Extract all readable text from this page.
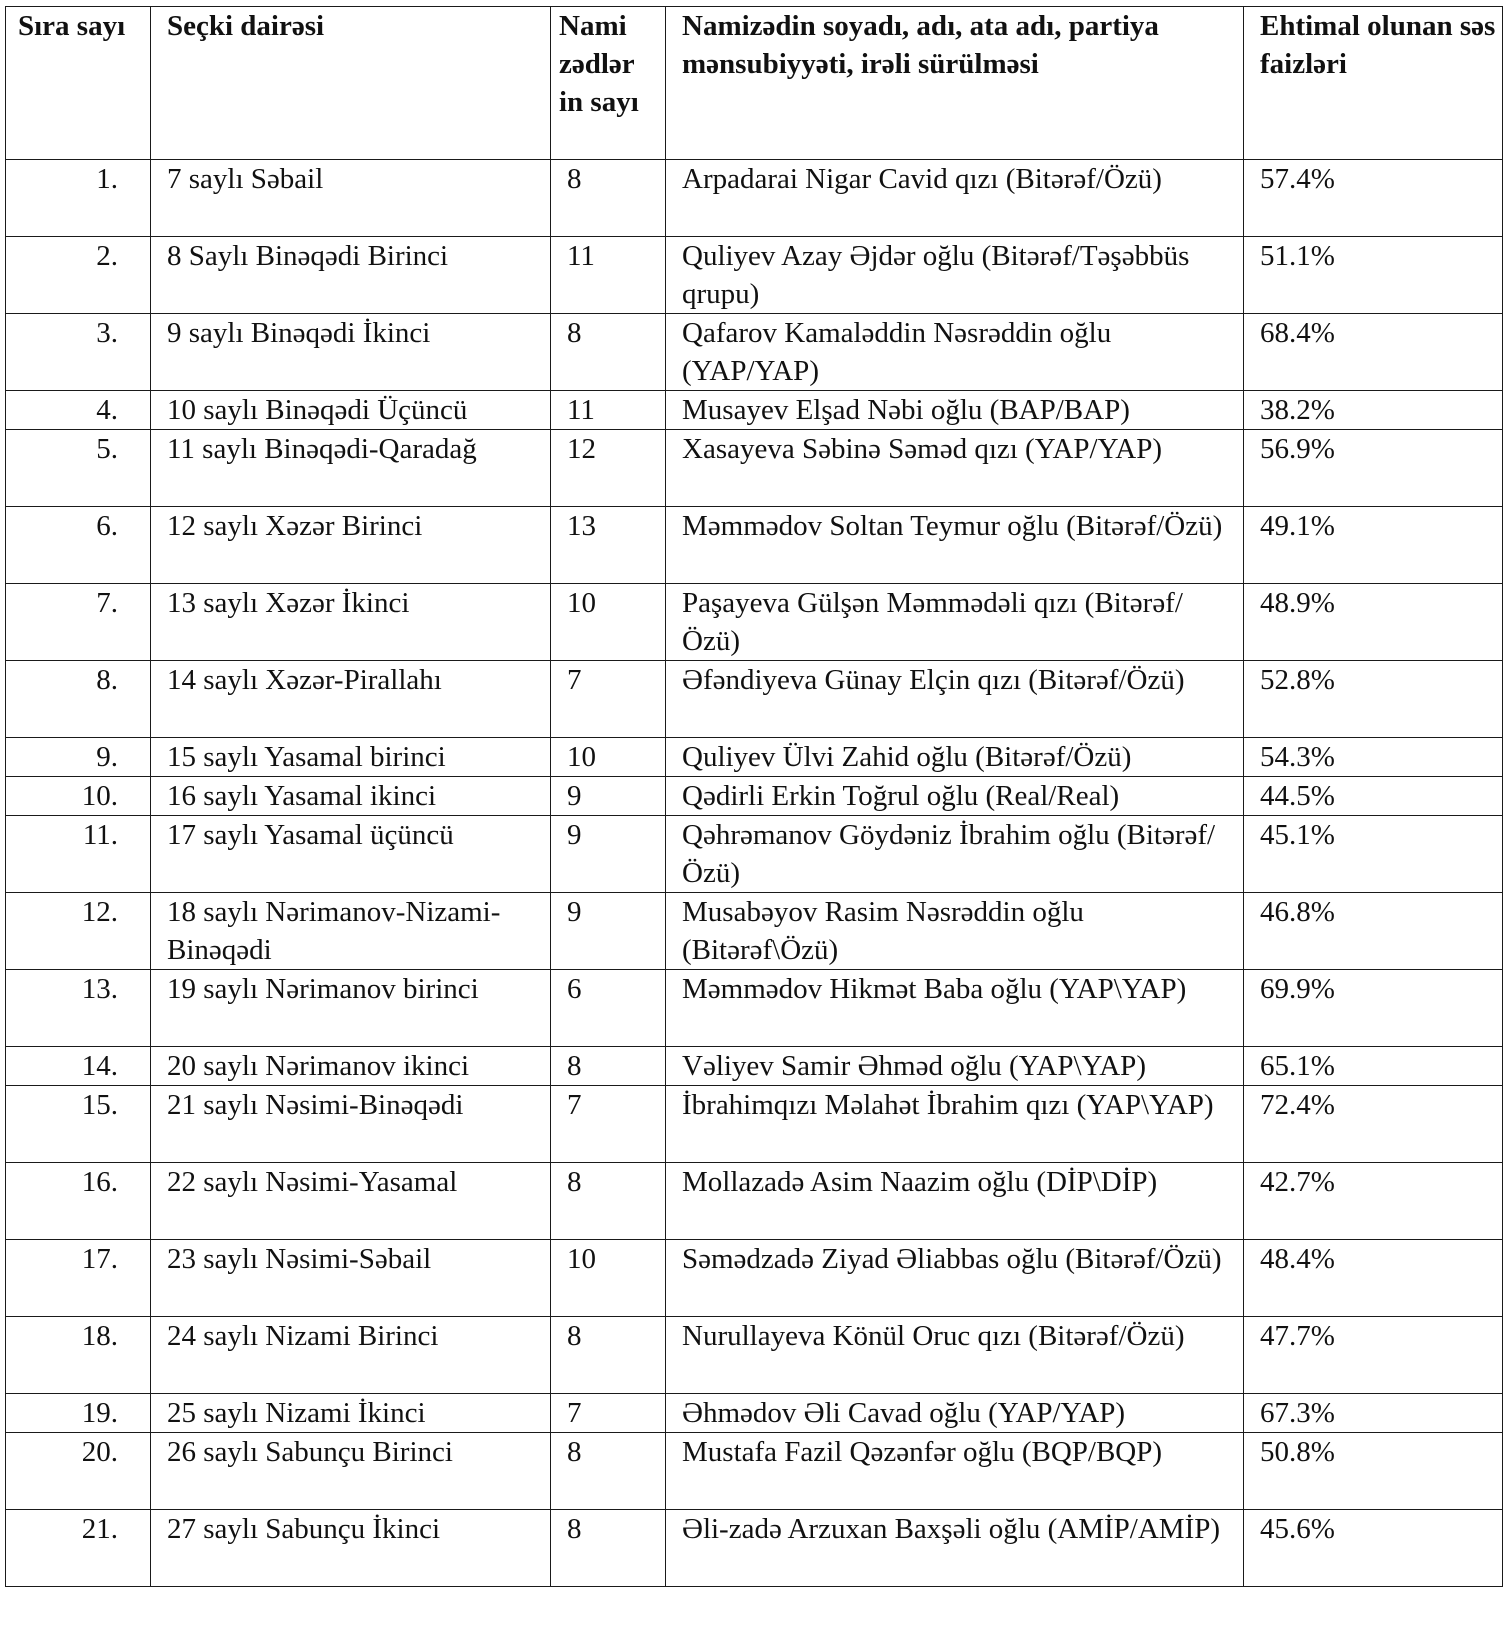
Sıra sayı	Seçki dairəsi	Nami zədlər in sayı	Namizədin soyadı, adı, ata adı, partiya mənsubiyyəti, irəli sürülməsi	Ehtimal olunan səs faizləri
1.	7 saylı Səbail	8	Arpadarai Nigar Cavid qızı (Bitərəf/Özü)	57.4%
2.	8 Saylı Binəqədi Birinci	11	Quliyev Azay Əjdər oğlu (Bitərəf/Təşəbbüs qrupu)	51.1%
3.	9 saylı Binəqədi İkinci	8	Qafarov Kamaləddin Nəsrəddin oğlu (YAP/YAP)	68.4%
4.	10 saylı Binəqədi Üçüncü	11	Musayev Elşad Nəbi oğlu (BAP/BAP)	38.2%
5.	11 saylı Binəqədi-Qaradağ	12	Xasayeva Səbinə Səməd qızı (YAP/YAP)	56.9%
6.	12 saylı Xəzər Birinci	13	Məmmədov Soltan Teymur oğlu (Bitərəf/Özü)	49.1%
7.	13 saylı Xəzər İkinci	10	Paşayeva Gülşən Məmmədəli qızı (Bitərəf/Özü)	48.9%
8.	14 saylı Xəzər-Pirallahı	7	Əfəndiyeva Günay Elçin qızı (Bitərəf/Özü)	52.8%
9.	15 saylı Yasamal birinci	10	Quliyev Ülvi Zahid oğlu (Bitərəf/Özü)	54.3%
10.	16 saylı Yasamal ikinci	9	Qədirli Erkin Toğrul oğlu (Real/Real)	44.5%
11.	17 saylı Yasamal üçüncü	9	Qəhrəmanov Göydəniz İbrahim oğlu (Bitərəf/Özü)	45.1%
12.	18 saylı Nərimanov-Nizami-Binəqədi	9	Musabəyov Rasim Nəsrəddin oğlu (Bitərəf\Özü)	46.8%
13.	19 saylı Nərimanov birinci	6	Məmmədov Hikmət Baba oğlu (YAP\YAP)	69.9%
14.	20 saylı Nərimanov ikinci	8	Vəliyev Samir Əhməd oğlu (YAP\YAP)	65.1%
15.	21 saylı Nəsimi-Binəqədi	7	İbrahimqızı Məlahət İbrahim qızı (YAP\YAP)	72.4%
16.	22 saylı Nəsimi-Yasamal	8	Mollazadə Asim Naazim oğlu (DİP\DİP)	42.7%
17.	23 saylı Nəsimi-Səbail	10	Səmədzadə Ziyad Əliabbas oğlu (Bitərəf/Özü)	48.4%
18.	24 saylı Nizami Birinci	8	Nurullayeva Könül Oruc qızı (Bitərəf/Özü)	47.7%
19.	25 saylı Nizami İkinci	7	Əhmədov Əli Cavad oğlu (YAP/YAP)	67.3%
20.	26 saylı Sabunçu Birinci	8	Mustafa Fazil Qəzənfər oğlu (BQP/BQP)	50.8%
21.	27 saylı Sabunçu İkinci	8	Əli-zadə Arzuxan Baxşəli oğlu (AMİP/AMİP)	45.6%
